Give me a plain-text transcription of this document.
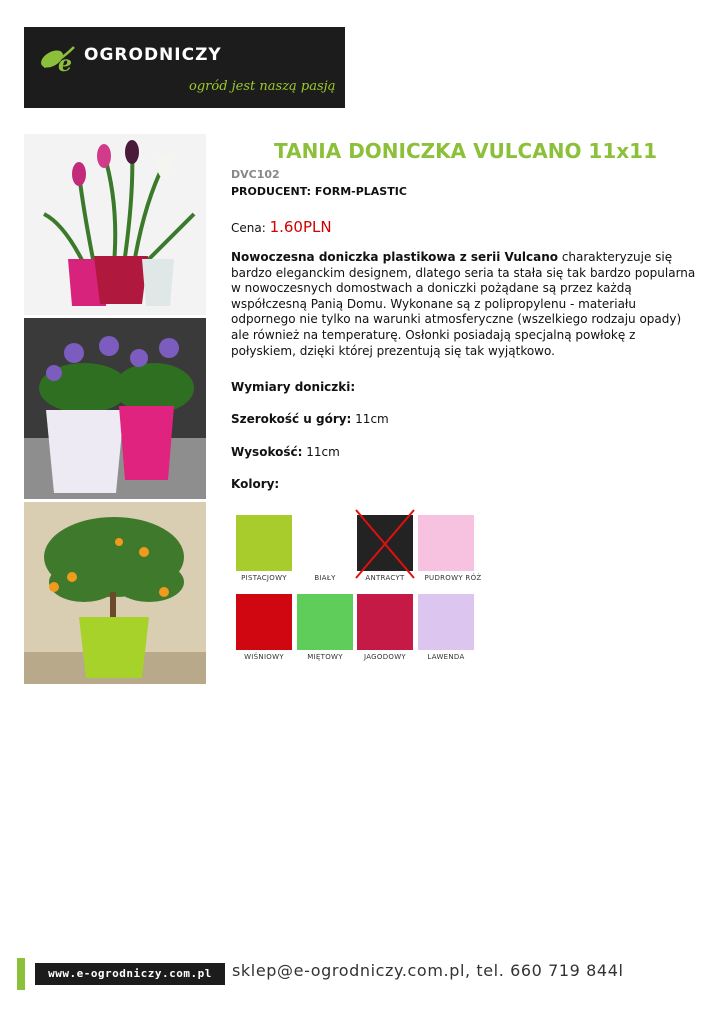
e OGRODNICZY
ogród jest naszą pasją
TANIA DONICZKA VULCANO 11x11
DVC102
PRODUCENT: FORM-PLASTIC
Cena: 1.60PLN
Nowoczesna doniczka plastikowa z serii Vulcano charakteryzuje się bardzo eleganckim designem, dlatego seria ta stała się tak bardzo popularna w nowoczesnych domostwach a doniczki pożądane są przez każdą współczesną Panią Domu. Wykonane są z polipropylenu - materiału odpornego nie tylko na warunki atmosferyczne (wszelkiego rodzaju opady) ale również na temperaturę. Osłonki posiadają specjalną powłokę z połyskiem, dzięki której prezentują się tak wyjątkowo.
Wymiary doniczki:
Szerokość u góry: 11cm
Wysokość: 11cm
Kolory:
PISTACJOWY	BIAŁY	ANTRACYT	PUDROWY RÓŻ
WIŚNIOWY	MIĘTOWY	JAGODOWY	LAWENDA
www.e-ogrodniczy.com.pl	sklep@e-ogrodniczy.com.pl, tel. 660 719 844l
